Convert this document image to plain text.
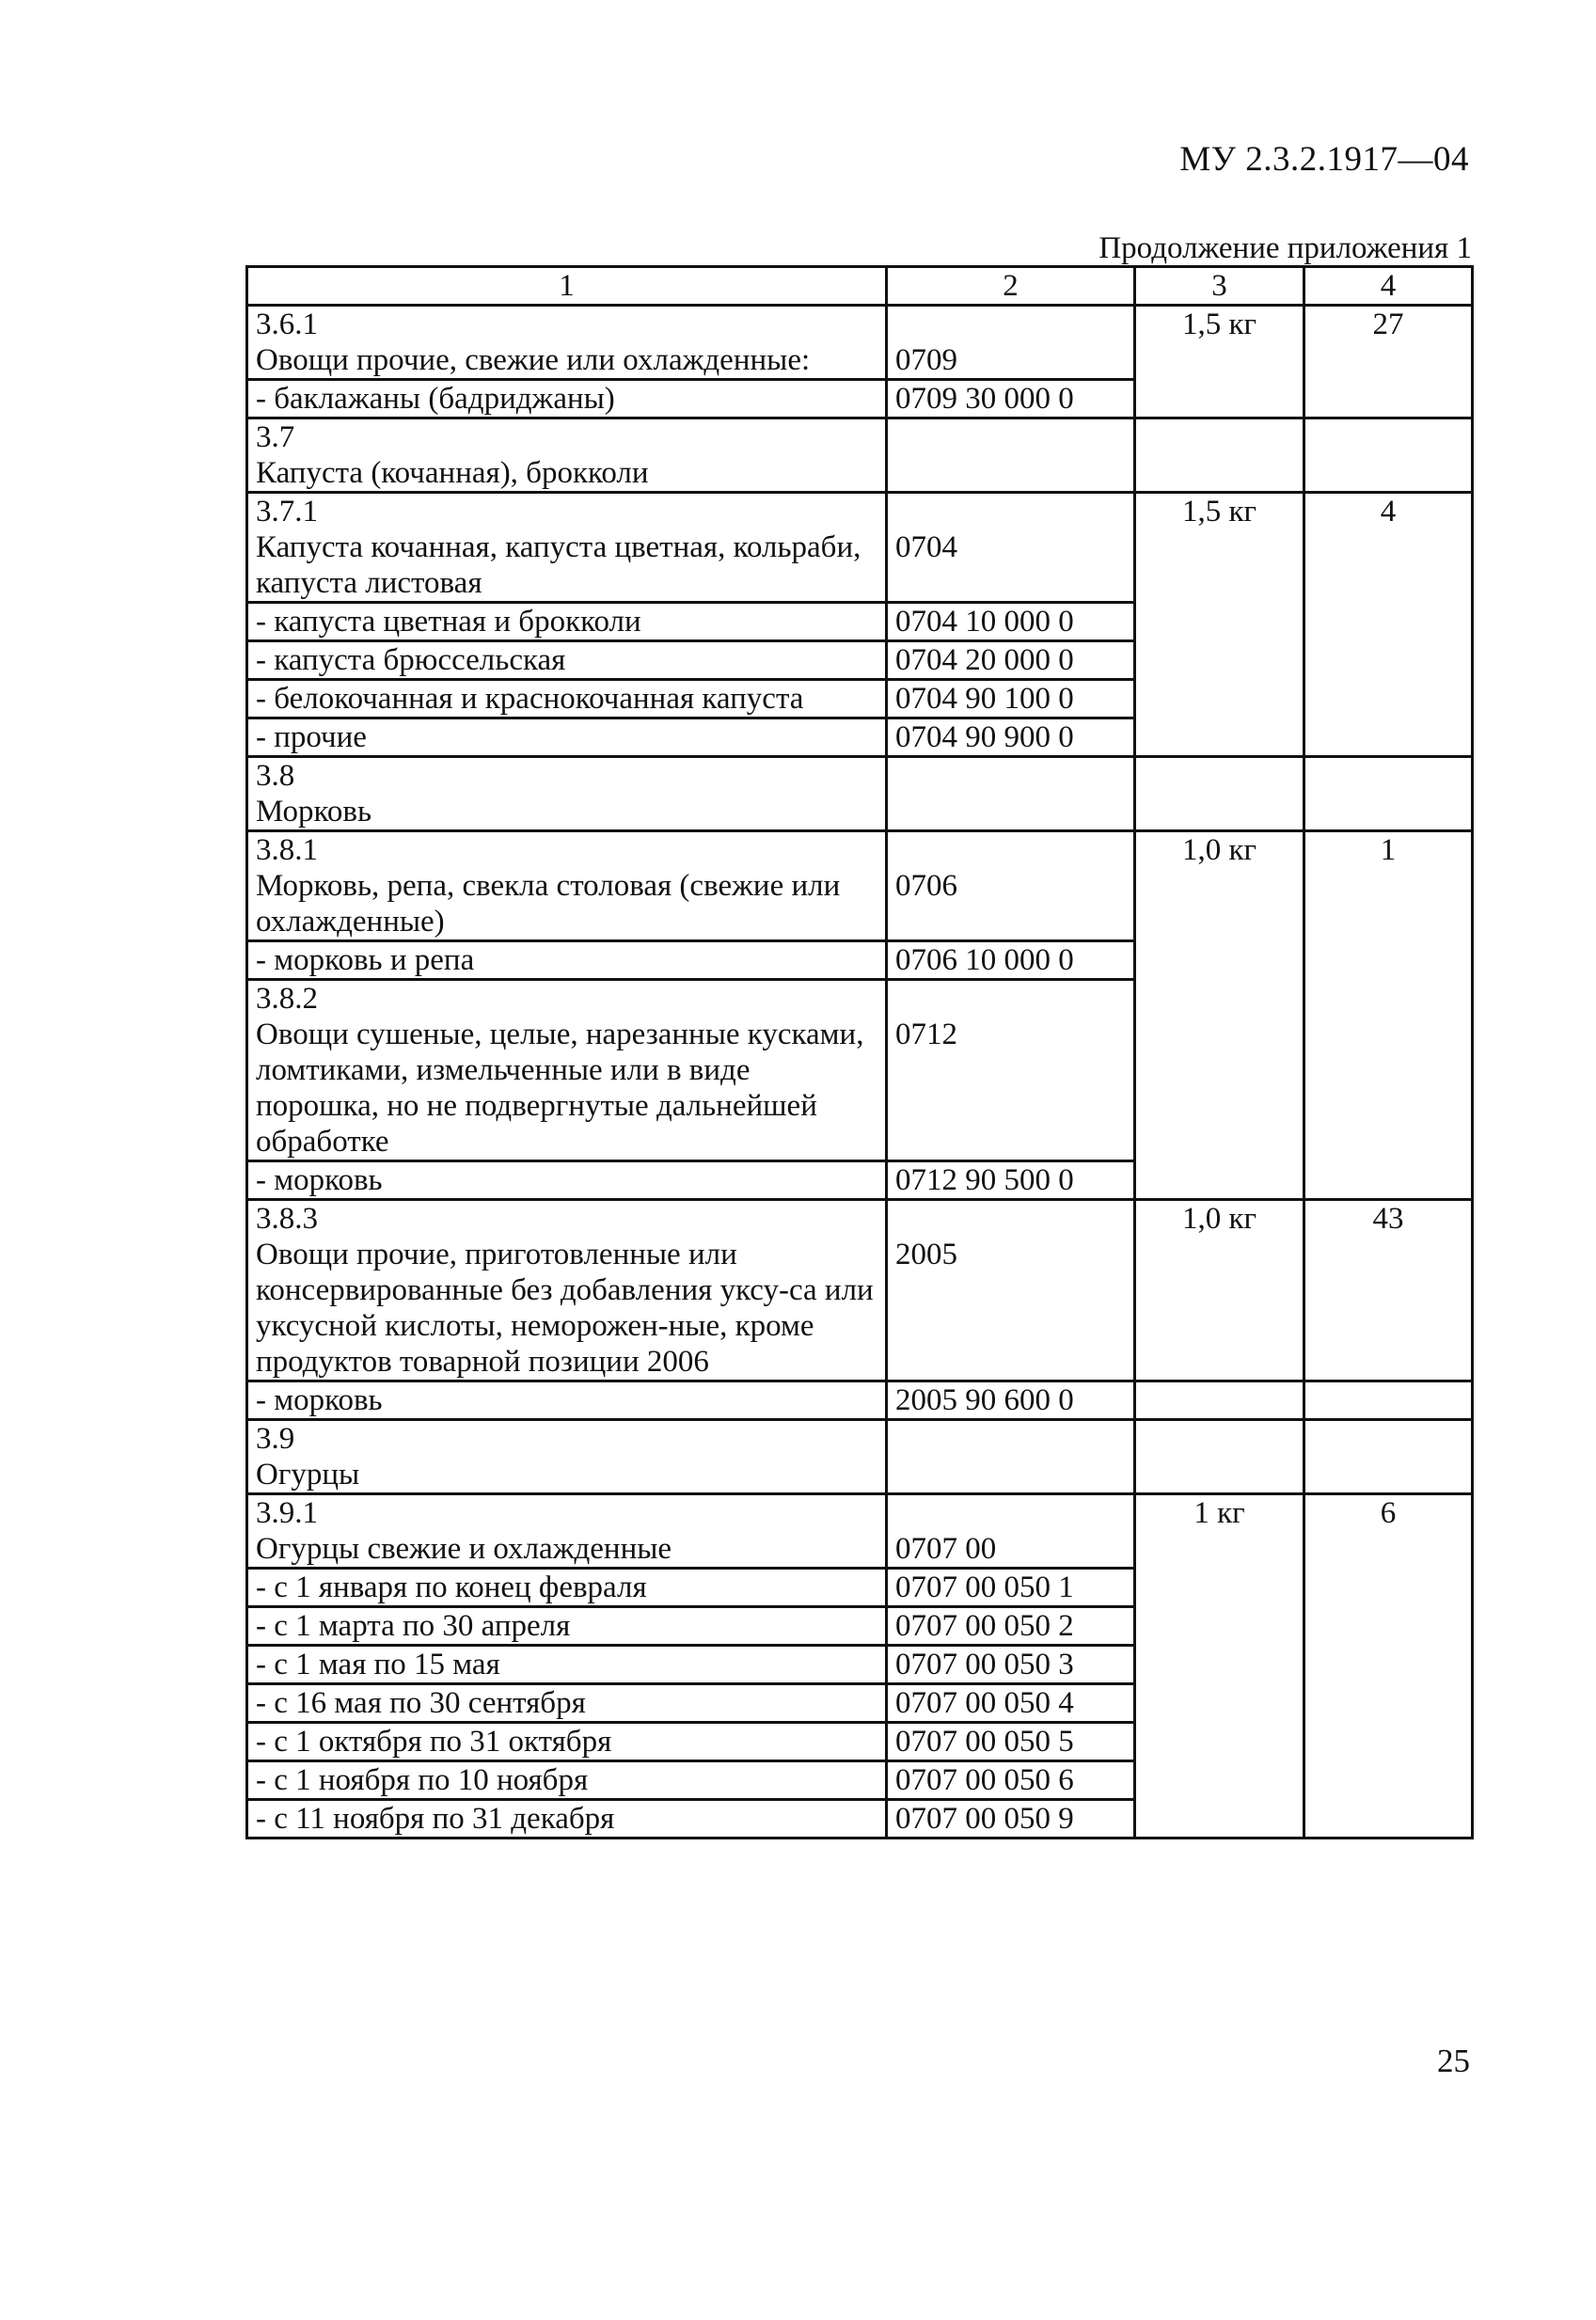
МУ 2.3.2.1917—04
Продолжение приложения 1
1	2	3	4
3.6.1
Овощи прочие, свежие или охлажденные:	0709	1,5 кг	27
- баклажаны (бадриджаны)	0709 30 000 0		
3.7
Капуста (кочанная), брокколи			
3.7.1
Капуста кочанная, капуста цветная, кольраби, капуста листовая	0704	1,5 кг	4
- капуста цветная и брокколи	0704 10 000 0		
- капуста брюссельская	0704 20 000 0		
- белокочанная и краснокочанная капуста	0704 90 100 0		
- прочие	0704 90 900 0		
3.8
Морковь			
3.8.1
Морковь, репа, свекла столовая (свежие или охлажденные)	0706	1,0 кг	1
- морковь и репа	0706 10 000 0		
3.8.2
Овощи сушеные, целые, нарезанные кусками, ломтиками, измельченные или в виде порошка, но не подвергнутые дальнейшей обработке	0712		
- морковь	0712 90 500 0		
3.8.3
Овощи прочие, приготовленные или консервированные без добавления уксу-са или уксусной кислоты, неморожен-ные, кроме продуктов товарной позиции 2006	2005	1,0 кг	43
- морковь	2005 90 600 0		
3.9
Огурцы			
3.9.1
Огурцы свежие и охлажденные	0707 00	1 кг	6
- с 1 января по конец февраля	0707 00 050 1		
- с 1 марта по 30 апреля	0707 00 050 2		
- с 1 мая по 15 мая	0707 00 050 3		
- с 16 мая по 30 сентября	0707 00 050 4		
- с 1 октября по 31 октября	0707 00 050 5		
- с 1 ноября по 10 ноября	0707 00 050 6		
- с 11 ноября по 31 декабря	0707 00 050 9		
25
